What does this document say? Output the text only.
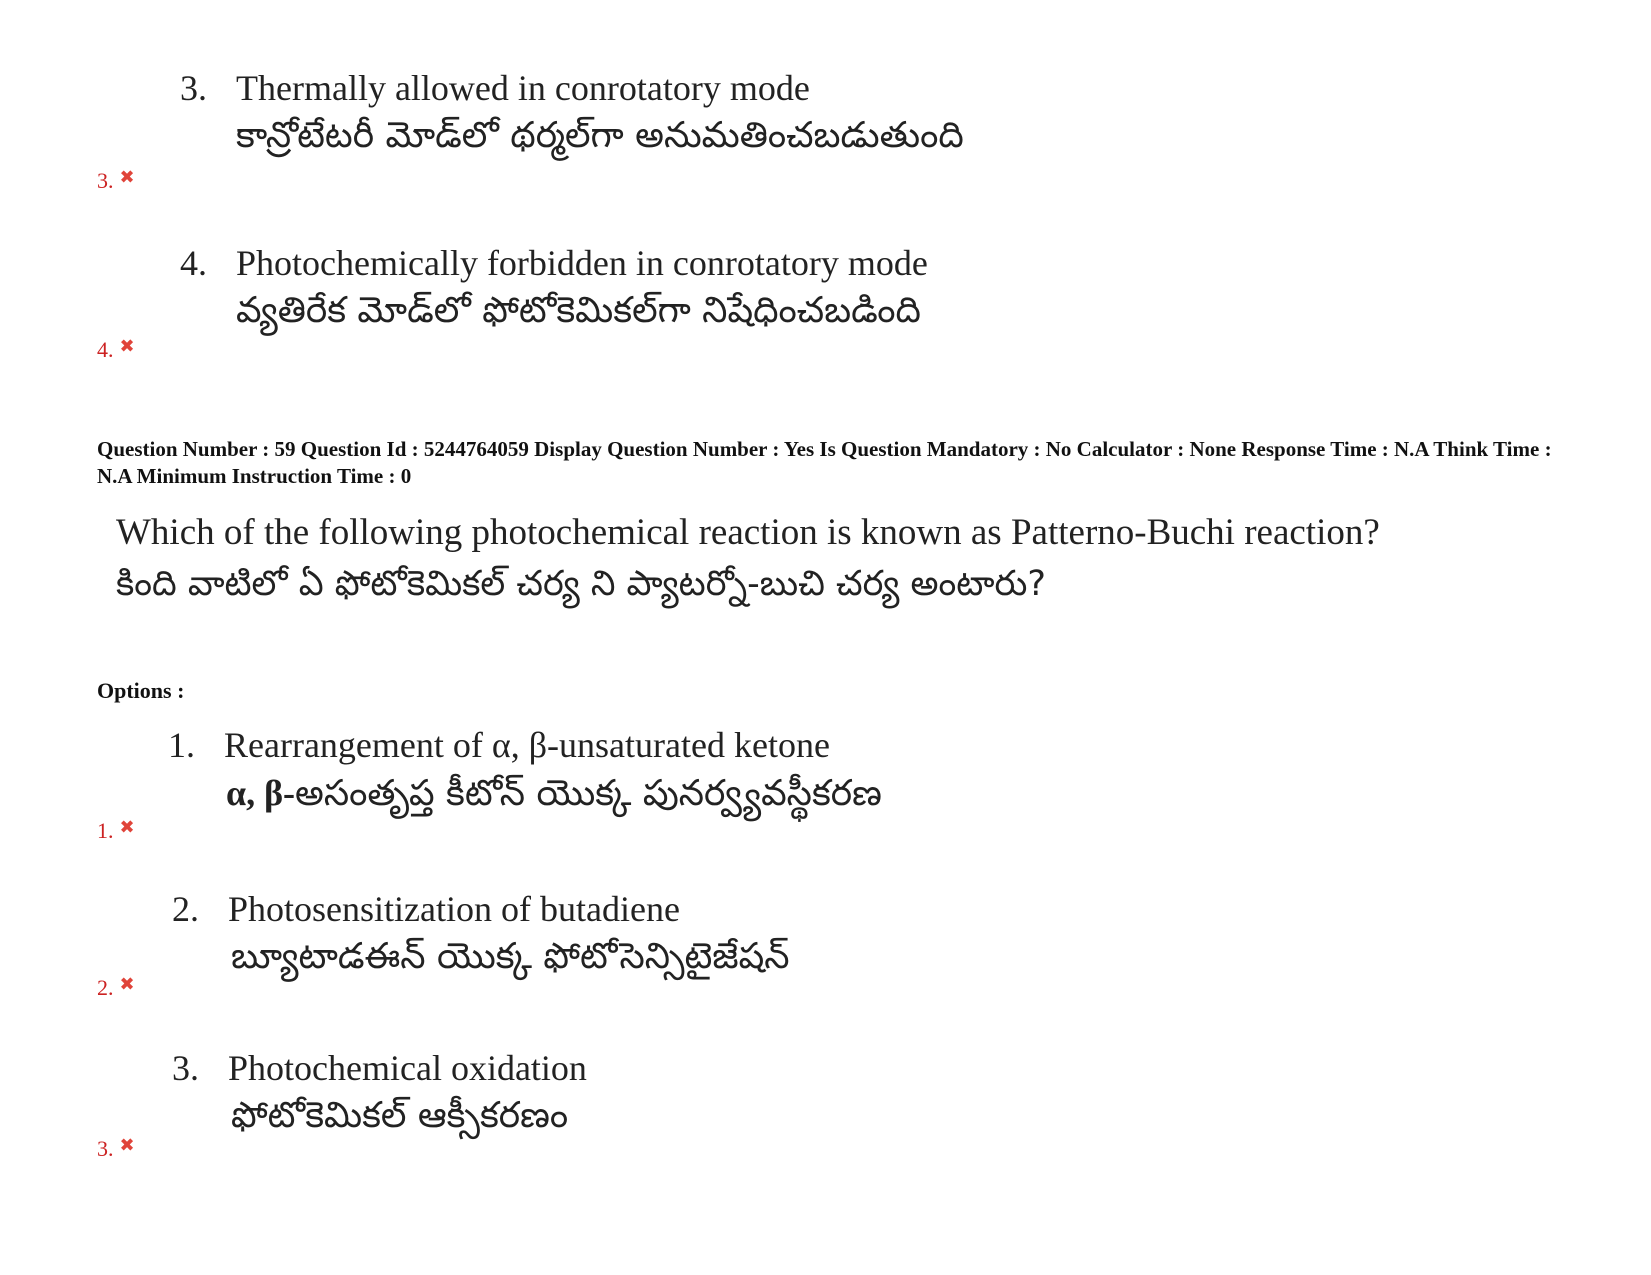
3. Thermally allowed in conrotatory mode
కాన్రోటేటరీ మోడ్‌లో థర్మల్‌గా అనుమతించబడుతుంది
3. ✖
4. Photochemically forbidden in conrotatory mode
వ్యతిరేక మోడ్‌లో ఫోటోకెమికల్‌గా నిషేధించబడింది
4. ✖
Question Number : 59 Question Id : 5244764059 Display Question Number : Yes Is Question Mandatory : No Calculator : None Response Time : N.A Think Time : N.A Minimum Instruction Time : 0
Which of the following photochemical reaction is known as Patterno-Buchi reaction?
కింది వాటిలో ఏ ఫోటోకెమికల్ చర్య ని ప్యాటర్నో-బుచి చర్య అంటారు?
Options :
1. Rearrangement of α, β-unsaturated ketone
α, β-అసంతృప్త కీటోన్ యొక్క పునర్వ్యవస్థీకరణ
1. ✖
2. Photosensitization of butadiene
బ్యూటాడఈన్ యొక్క ఫోటోసెన్సిటైజేషన్
2. ✖
3. Photochemical oxidation
ఫోటోకెమికల్ ఆక్సీకరణం
3. ✖
